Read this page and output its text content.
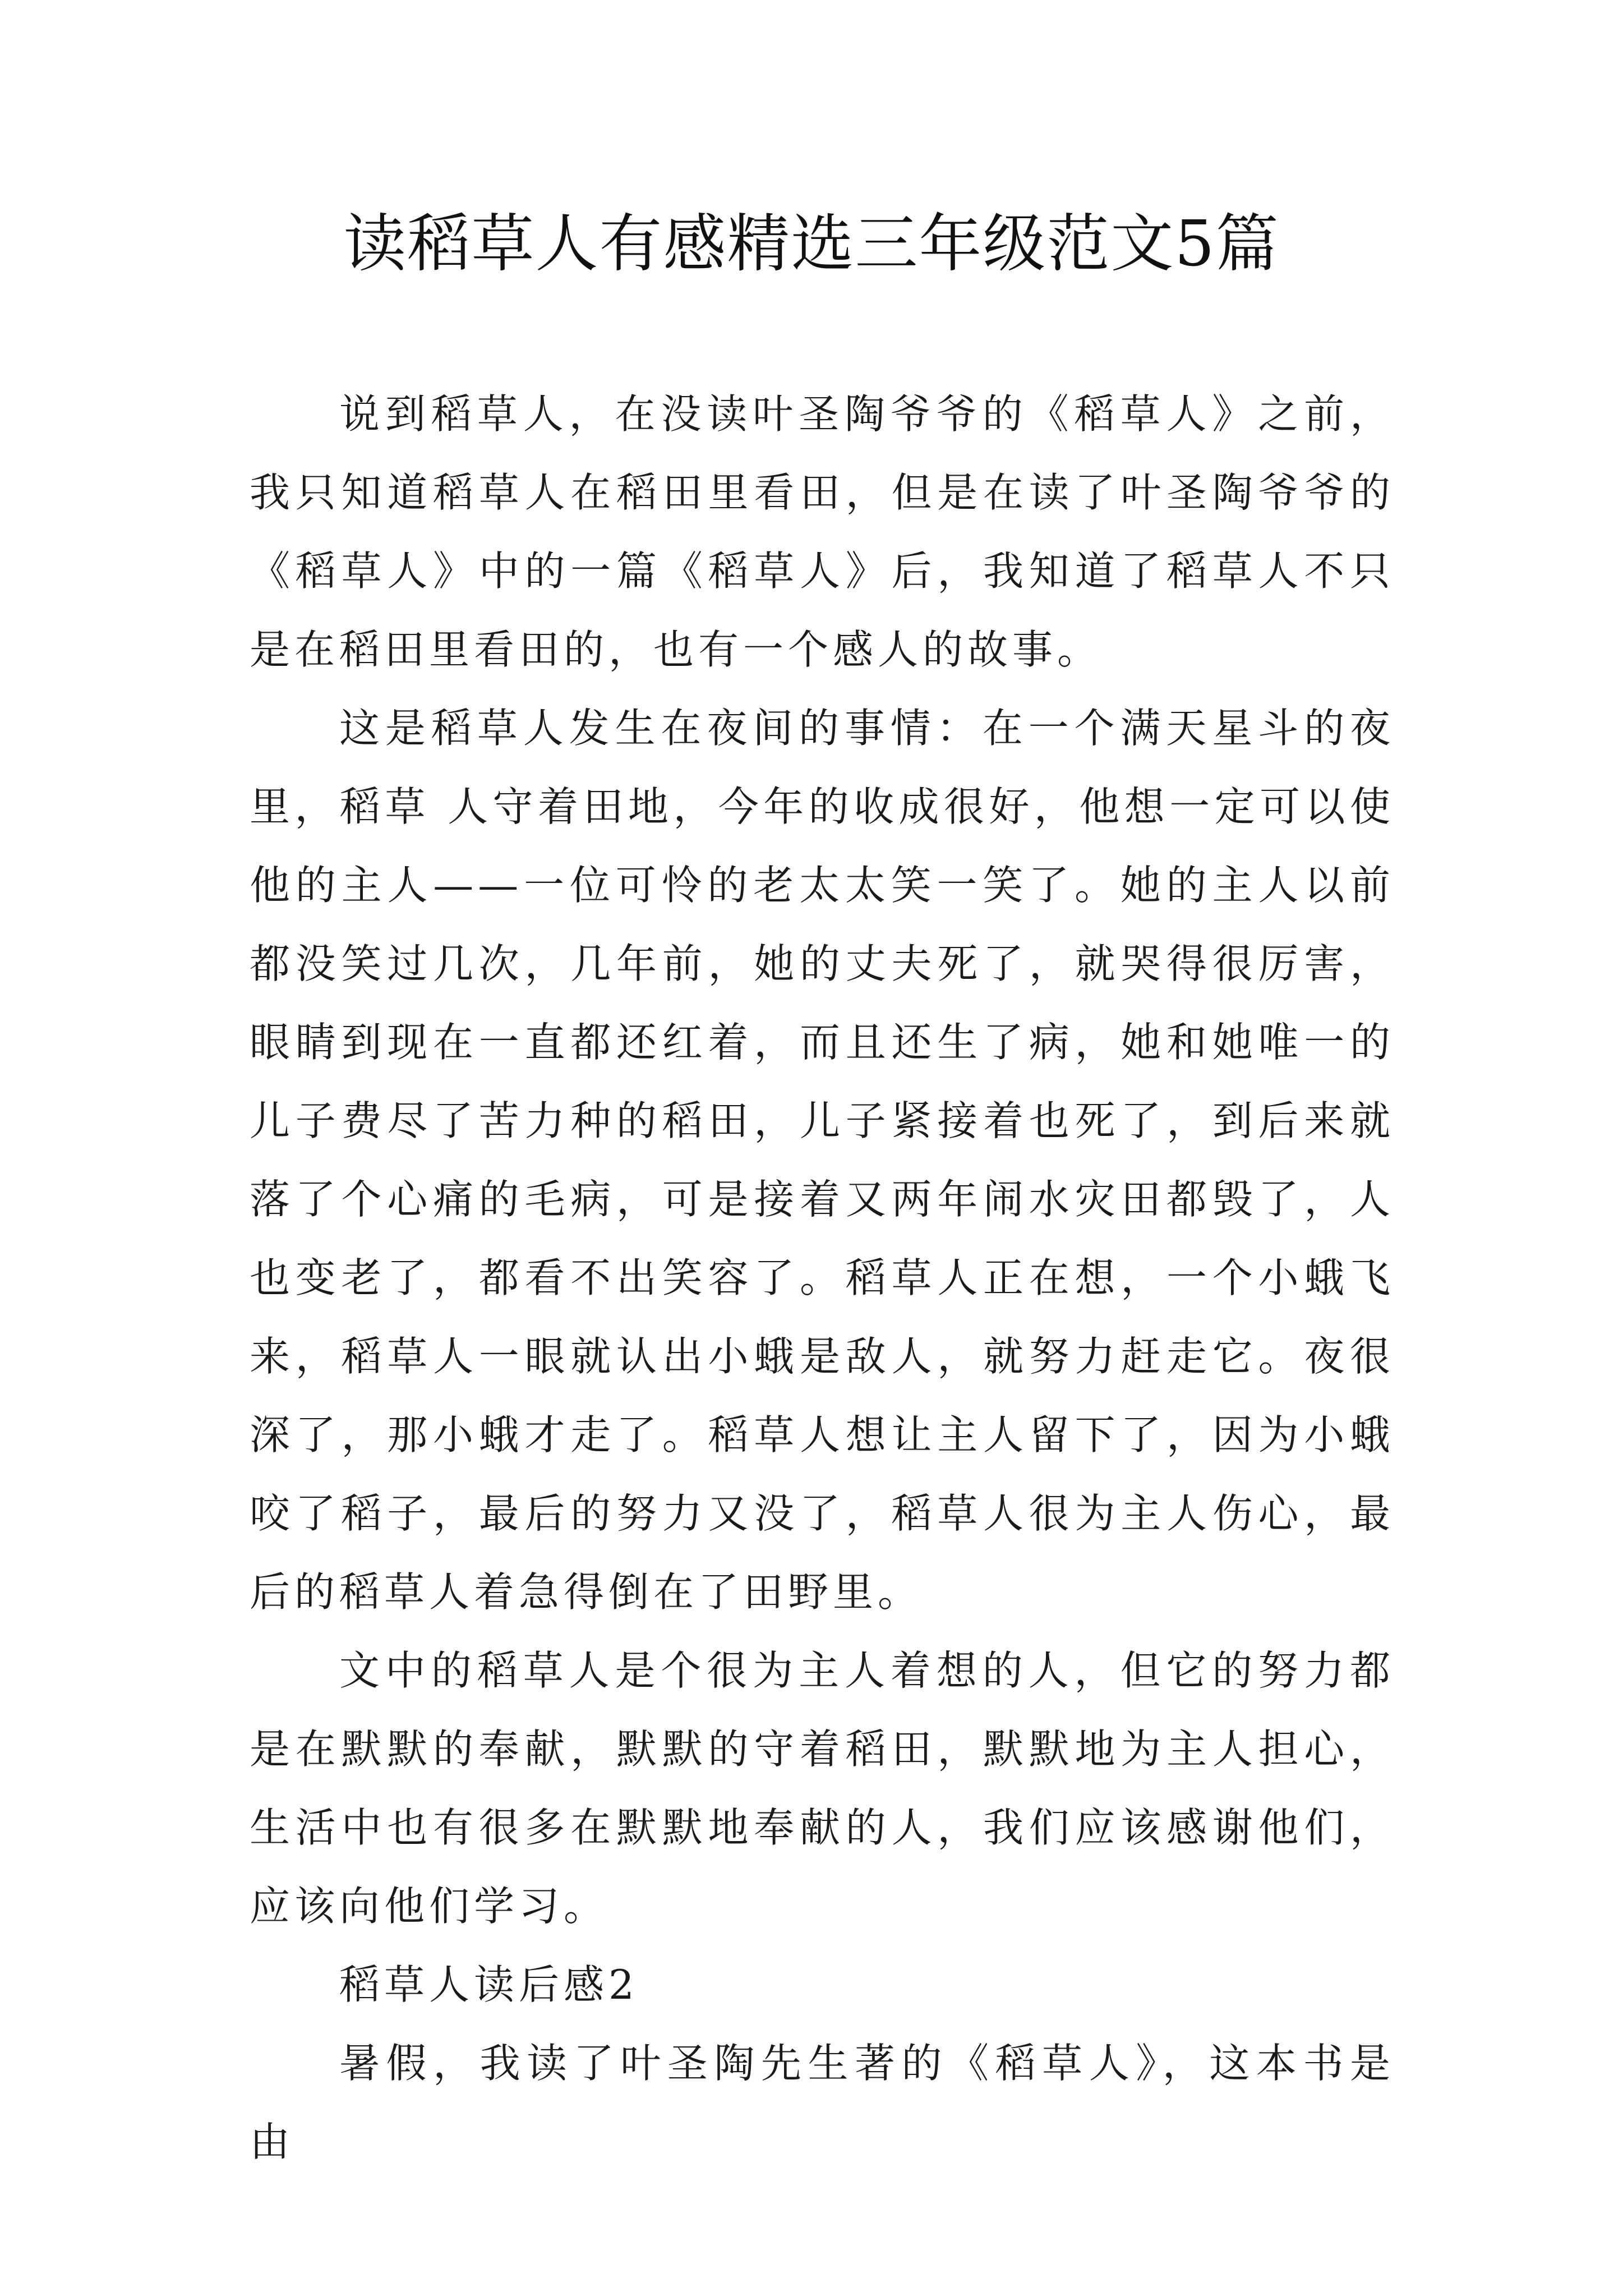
读稻草人有感精选三年级范文5篇

说到稻草人，在没读叶圣陶爷爷的《稻草人》之前，我只知道稻草人在稻田里看田，但是在读了叶圣陶爷爷的《稻草人》中的一篇《稻草人》后，我知道了稻草人不只是在稻田里看田的，也有一个感人的故事。

这是稻草人发生在夜间的事情：在一个满天星斗的夜里，稻草 人守着田地，今年的收成很好，他想一定可以使他的主人——一位可怜的老太太笑一笑了。她的主人以前都没笑过几次，几年前，她的丈夫死了，就哭得很厉害，眼睛到现在一直都还红着，而且还生了病，她和她唯一的儿子费尽了苦力种的稻田，儿子紧接着也死了，到后来就落了个心痛的毛病，可是接着又两年闹水灾田都毁了，人也变老了，都看不出笑容了。稻草人正在想，一个小蛾飞来，稻草人一眼就认出小蛾是敌人，就努力赶走它。夜很深了，那小蛾才走了。稻草人想让主人留下了，因为小蛾咬了稻子，最后的努力又没了，稻草人很为主人伤心，最后的稻草人着急得倒在了田野里。

文中的稻草人是个很为主人着想的人，但它的努力都是在默默的奉献，默默的守着稻田，默默地为主人担心，生活中也有很多在默默地奉献的人，我们应该感谢他们，应该向他们学习。

稻草人读后感2

暑假，我读了叶圣陶先生著的《稻草人》，这本书是由
